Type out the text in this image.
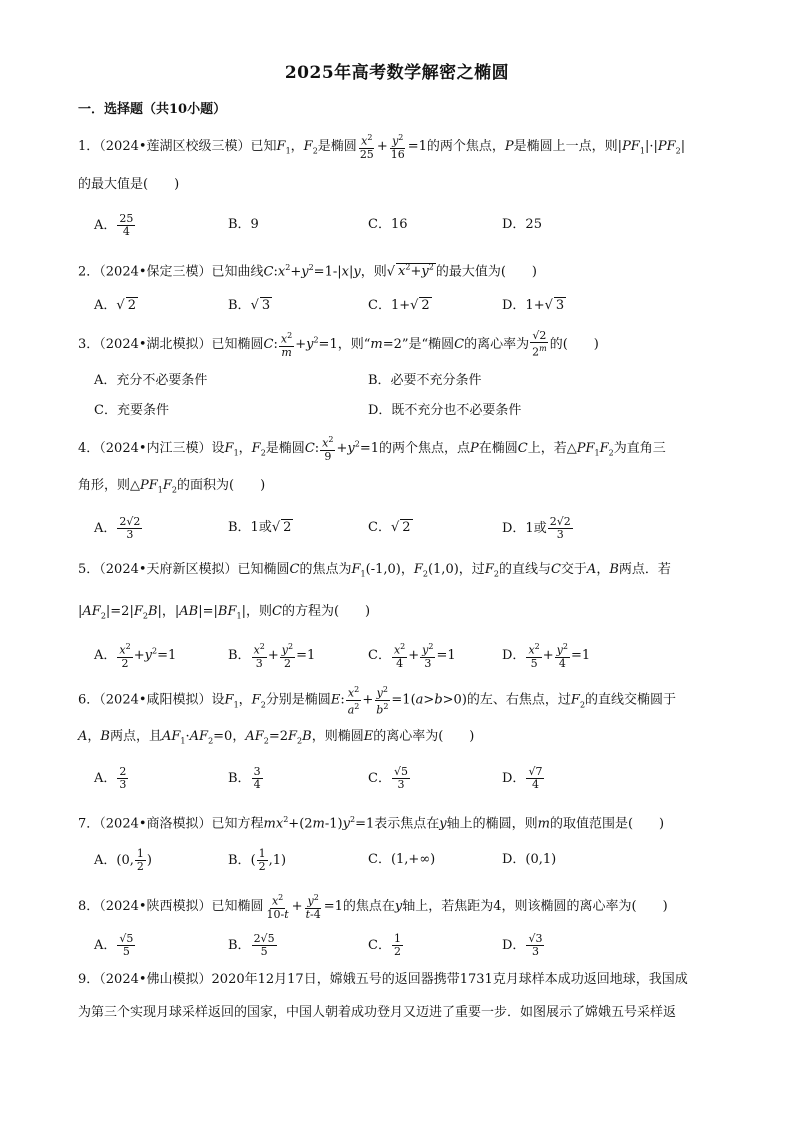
2025年高考数学解密之椭圆
一．选择题（共10小题）
1．（2024•莲湖区校级三模）已知$F_1$，$F_2$是椭圆 $\frac{x^2}{25} + \frac{y^2}{16} =1$的两个焦点，P是椭圆上一点，则$|PF_1|\cdot|PF_2|$
的最大值是(　　)
A． $\frac{25}{4}$	B．9	C．16	D．25
2．（2024•保定三模）已知曲线$C:x^2+y^2=1-|x|y$，则√ $x^2+y^2$ 的最大值为(　　)
A．√ 2	B．√ 3	C．1+√ 2	D．1+√ 3
3．（2024•湖北模拟）已知椭圆C: $\frac{x^2}{m} +y^2=1$，则“m=2”是“椭圆C的离心率为 $\frac{√2}{2^m}$ 的(　　)
A．充分不必要条件	B．必要不充分条件
C．充要条件	D．既不充分也不必要条件
4．（2024•内江三模）设$F_1$，$F_2$是椭圆C: $\frac{x^2}{9} +y^2=1$的两个焦点，点P在椭圆C上，若$\triangle PF_1F_2$为直角三
角形，则$\triangle PF_1F_2$的面积为(　　)
A． $\frac{2√2}{3}$	B．1或√ 2	C．√ 2	D．1或 $\frac{2√2}{3}$
5．（2024•天府新区模拟）已知椭圆C的焦点为$F_1(-1,0)$，$F_2(1,0)$，过$F_2$的直线与C交于A，B两点．若
$|AF_2|=2|F_2B|$，$|AB|=|BF_1|$，则C的方程为(　　)
A． $\frac{x^2}{2} +y^2=1$	B． $\frac{x^2}{3} + \frac{y^2}{2} =1$	C． $\frac{x^2}{4} + \frac{y^2}{3} =1$	D． $\frac{x^2}{5} + \frac{y^2}{4} =1$
6．（2024•咸阳模拟）设$F_1$，$F_2$分别是椭圆E: $\frac{x^2}{a^2} + \frac{y^2}{b^2} =1(a>b>0)$的左、右焦点，过$F_2$的直线交椭圆于
A，B两点，且$AF_1\cdot AF_2=0$，$AF_2=2F_2B$，则椭圆E的离心率为(　　)
A． $\frac{2}{3}$	B． $\frac{3}{4}$	C． $\frac{√5}{3}$	D． $\frac{√7}{4}$
7．（2024•商洛模拟）已知方程$mx^2+(2m-1)y^2=1$表示焦点在y轴上的椭圆，则m的取值范围是(　　)
A．(0, $\frac{1}{2}$ )	B．( $\frac{1}{2} ,1$)	C．(1,+∞)	D．(0,1)
8．（2024•陕西模拟）已知椭圆 $\frac{x^2}{10-t} + \frac{y^2}{t-4} =1$的焦点在y轴上，若焦距为4，则该椭圆的离心率为(　　)
A． $\frac{√5}{5}$	B． $\frac{2√5}{5}$	C． $\frac{1}{2}$	D． $\frac{√3}{3}$
9．（2024•佛山模拟）2020年12月17日，嫦娥五号的返回器携带1731克月球样本成功返回地球，我国成
为第三个实现月球采样返回的国家，中国人朝着成功登月又迈进了重要一步．如图展示了嫦娥五号采样返
